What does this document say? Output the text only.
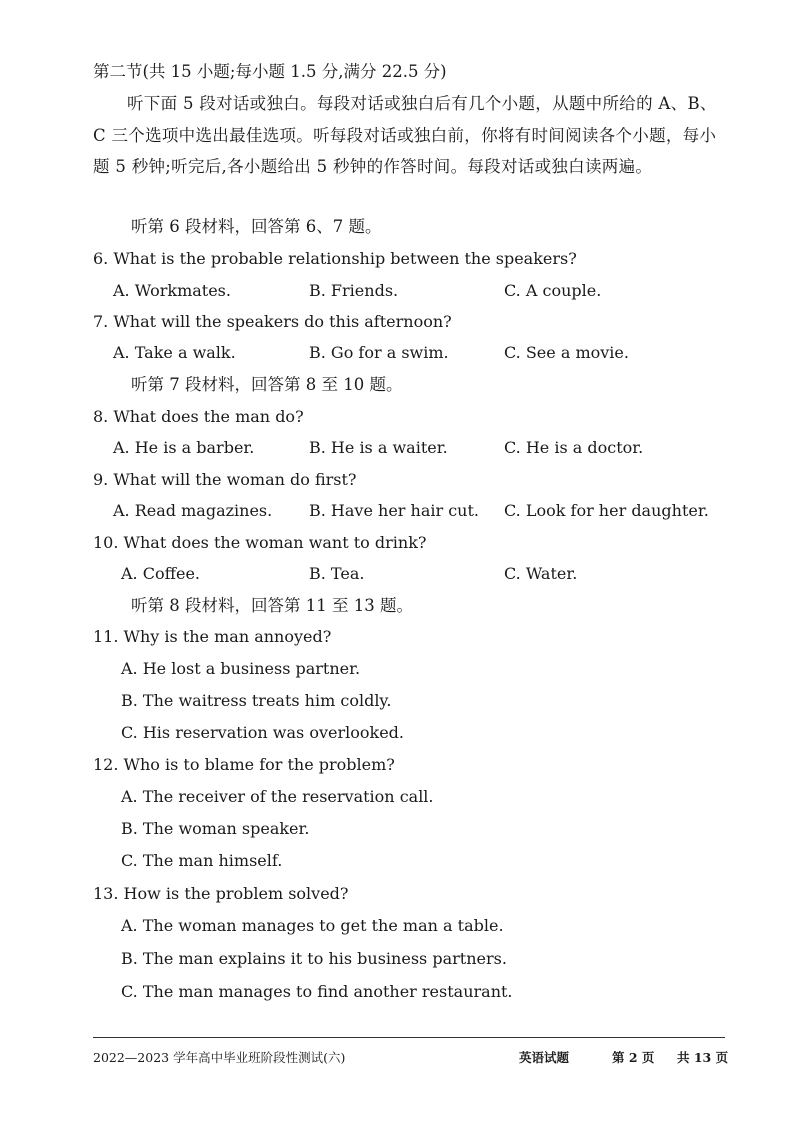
第二节(共 15 小题;每小题 1.5 分,满分 22.5 分)
听下面 5 段对话或独白。每段对话或独白后有几个小题，从题中所给的 A、B、C 三个选项中选出最佳选项。听每段对话或独白前，你将有时间阅读各个小题，每小题 5 秒钟;听完后,各小题给出 5 秒钟的作答时间。每段对话或独白读两遍。
听第 6 段材料，回答第 6、7 题。
6. What is the probable relationship between the speakers?
A. Workmates.	B. Friends.	C. A couple.
7. What will the speakers do this afternoon?
A. Take a walk.	B. Go for a swim.	C. See a movie.
听第 7 段材料，回答第 8 至 10 题。
8. What does the man do?
A. He is a barber.	B. He is a waiter.	C. He is a doctor.
9. What will the woman do first?
A. Read magazines. B. Have her hair cut. C. Look for her daughter.
10. What does the woman want to drink?
A. Coffee.	B. Tea.	C. Water.
听第 8 段材料，回答第 11 至 13 题。
11. Why is the man annoyed?
A. He lost a business partner.
B. The waitress treats him coldly.
C. His reservation was overlooked.
12. Who is to blame for the problem?
A. The receiver of the reservation call.
B. The woman speaker.
C. The man himself.
13. How is the problem solved?
A. The woman manages to get the man a table.
B. The man explains it to his business partners.
C. The man manages to find another restaurant.
2022—2023 学年高中毕业班阶段性测试(六)	英语试题	第 2 页 共 13 页
